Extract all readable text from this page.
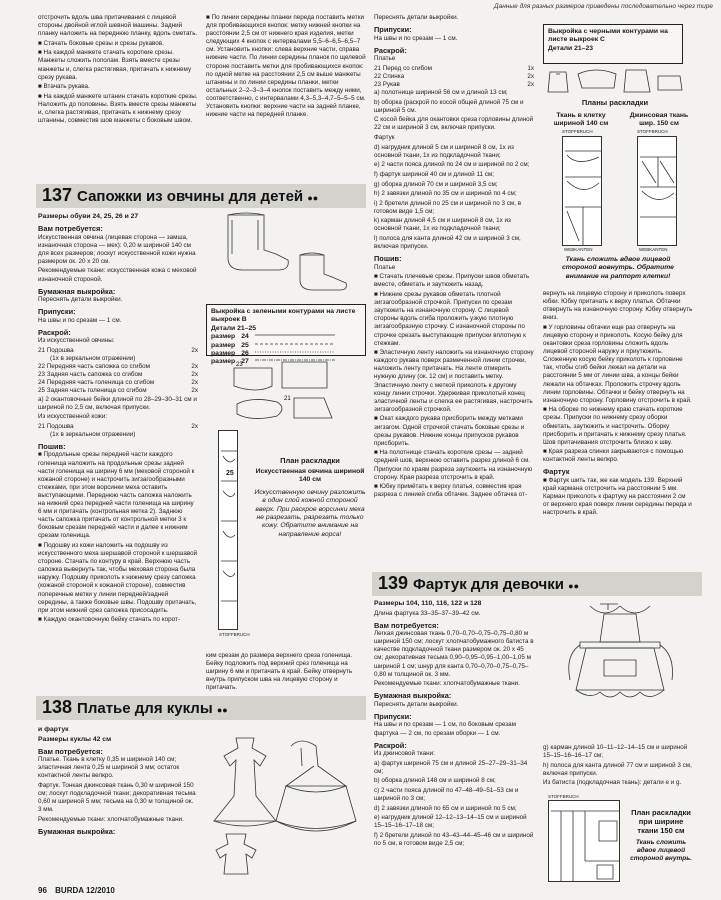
Данные для разных размеров приведены последовательно через тире

отстрочить вдоль шва притачивания с лицевой стороны двойной иглой шевной машины. Задний планку наложить на переднюю планку, вдоль сметать.

■ Стачать боковые срезы и срезы рукавов.

■ На каждой манжете стачать короткие срезы. Манжеты сложить пополам. Взять вместе срезы манжеты и, слегка растягивая, притачать к нижнему срезу рукава.

■ Втачать рукава.

■ На каждой манжете штанин стачать короткие срезы. Наложить до половины. Взять вместе срезы манжеты и, слегка растягивая, притачать к нижнему срезу штанины, совместив шов манжеты с боковым швом.

■ По линии середины планки переда поставить метки для пробивающихся кнопок: метку нижней кнопки на расстоянии 2,5 см от нижнего края изделия, метки следующих 4 кнопок с интервалами 5,5–6–6,5–6,5–7 см. Установить кнопки: слева верхние части, справа нижние части. По линии середины планок по щелевой стороне поставить метки для пробивающихся кнопок: по одной метке на расстоянии 2,5 см выше манжеты штанины и по линии середины планки, метки остальных 2–2–3–3–4 кнопок поставить между ними, соответственно, с интервалами 4,3–5,3–4,7–5–5–5 см. Установить кнопки: верхние части на задней планке, нижние части на передней планке.

137 Сапожки из овчины для детей ●●

Размеры обуви 24, 25, 26 и 27

Вам потребуется:

Искусственная овчина (лицевая сторона — замша, изнаночная сторона — мех): 0,20 м шириной 140 см для всех размеров; лоскут искусственной кожи нужна размером ок. 20 x 20 см.

Рекомендуемые ткани: искусственная кожа с меховой изнаночной стороной.

Бумажная выкройка:

Переснять детали выкройки.

Припуски:

На швы и по срезам — 1 см.

Раскрой:

Из искусственной овчины:

21 Подошва	2x
(1x в зеркальном отражении)
22 Передняя часть сапожка со сгибом	2x
23 Задняя часть сапожка со сгибом	2x
24 Передняя часть голенища со сгибом	2x
25 Задняя часть голенища со сгибом	2x

а) 2 окантовочные бейки длиной по 28–29–30–31 см и шириной по 2,5 см, включая припуски.

Из искусственной кожи:

21 Подошва	2x
(1x в зеркальном отражении)
Пошив:

■ Продольные срезы передней части каждого голенища наложить на продольные срезы задней части голенища на ширину 6 мм (меховой стороной к кожаной стороне) и настрочить зигзагообразными стежками, при этом ворсинки меха оставить выступающими. Переднюю часть сапожка наложить на нижний срез передней части голенища на ширину 6 мм и притачать (контрольная метка 2). Заднюю часть сапожка притачать от контрольной метки 3 к боковым срезам передней части и далее к нижним срезам голенища.

■ Подошву из кожи наложить на подошву из искусственного меха шершавой стороной к шершавой стороне. Стачать по контуру в край. Верхнюю часть сапожка вывернуть так, чтобы меховая сторона была наружу. Подошву приколоть к нижнему срезу сапожка (кожаной стороной к кожаной стороне), совместив поперечные метки у линии передней/задней середины, а также боковые швы. Подошву притачать, при этом нижний срез сапожка присосадить.

■ Каждую окантовочную бейку стачать по корот-

Выкройка с зелеными контурами на листе выкроек В
Детали 21–25
размер 24
размер 25
размер 26
размер 27
23
21
STOFFBRUCH
25
План раскладки

Искусственная овчина шириной 140 см

Искусственную овчину разложить в один слой кожной стороной вверх. При раскрое ворсинки меха не разрезать, разрезать только кожу. Обратите внимание на направление ворса!

ким срезам до размера верхнего среза голенища. Бейку подложить под верхний срез голенища на ширину 6 мм и притачать в край. Бейку отвернуть внутрь припуском шва на лицевую сторону и притачать.

138 Платье для куклы ●●

и фартук

Размеры куклы 42 см

Вам потребуется:

Платье. Ткань в клетку 0,35 м шириной 140 см; эластичная лента 0,25 м шириной 3 мм; остаток контактной ленты велкро.

Фартук. Тонкая джинсовая ткань 0,30 м шириной 150 см; лоскут подкладочной ткани; декоративная тесьма 0,60 м шириной 5 мм; тесьма на 0,30 м толщиной ок. 3 мм.

Рекомендуемые ткани: хлопчатобумажные ткани.

Бумажная выкройка:

Переснять детали выкройки.

Припуски:

На швы и по срезам — 1 см.

Раскрой:

Платье

21 Перед со сгибом	1x
22 Спинка	2x
23 Рукав	2x

а) полотнище шириной 56 см и длиной 13 см;

b) оборка (раскрой по косой общей длиной 75 см и шириной 5 см.

С косой бейка для окантовки среза горловины длиной 22 см и шириной 3 см, включая припуски.

Фартук

d) нагрудник длиной 5 см и шириной 8 см, 1х из основной ткани, 1х из подкладочной ткани;

е) 2 части пояса длиной по 24 см и шириной по 2 см;

f) фартук шириной 40 см и длиной 11 см;

g) оборка длиной 70 см и шириной 3,5 см;

h) 2 завязки длиной по 35 см и шириной по 4 см;

i) 2 бретели длиной по 25 см и шириной по 3 см, в готовом виде 1,5 см;

k) карман длиной 4,5 см и шириной 8 см, 1х из основной ткани, 1х из подкладочной ткани;

l) полоса для канта длиной 42 см и шириной 3 см, включая припуски.

Пошив:

Платье

■ Стачать плечевые срезы. Припуски швов обметать вместе, обметать и заутюжить назад.

■ Нижние срезы рукавов обметать плотной зигзагообразной строчкой. Припуски по срезам заутюжить на изнаночную сторону. С лицевой стороны вдоль сгиба проложить узкую плотную зигзагообразную строчку. С изнаночной стороны по строчке срезать выступающие припуски вплотную к стежкам.

■ Эластичную ленту наложить на изнаночную сторону каждого рукава поверх размеченной линии строчки, наложить ленту притачать. На ленте отмерить нужную длину (ок. 12 см) и поставить метку. Эластичную ленту с меткой приколоть к другому концу линии строчки. Удерживая приколотый конец эластичной ленты и слегка ее растягивая, настрочить зигзагообразной строчкой.

■ Окат каждого рукава присборить между метками зигзагом. Одной строчкой стачать боковые срезы и срезы рукавов. Нижние концы припусков рукавов присборить.

■ На полотнище стачать короткие срезы — задний средний шов, верхнюю оставить разрез длиной 6 см. Припуски по краям разреза заутюжить на изнаночную сторону. Края разреза отстрочить в край.

■ Юбку примётать к верху платья, совместив края разреза с линией сгиба обтачек. Заднее обтачка от-

Выкройка с черными контурами на листе выкроек С
Детали 21–23
Планы раскладки
Ткань в клетку шириной 140 см
Джинсовая ткань шир. 150 см
STOFFBRUCH	STOFFBRUCH
WEBKANTEN	WEBKANTEN
Ткань сложить вдвое лицевой стороной вовнутрь. Обратите внимание на раппорт клетки!

вернуть на лицевую сторону и приколоть поверх юбки. Юбку притачать к верху платья. Обтачки отвернуть на изнаночную сторону. Юбку отвернуть вниз.

■ У горловины обтачки еще раз отвернуть на лицевую сторону и приколоть. Косую бейку для окантовки среза горловины сложить вдоль лицевой стороной наружу и приутюжить. Сложенную косую бейку приколоть к горловине так, чтобы сгиб бейки лежал на детали на расстоянии 5 мм от линии шва, а концы бейки лежали на обтачках. Проложить строчку вдоль линии горловины. Обтачки и бейку отвернуть на изнаночную сторону. Горловину отстрочить в край.

■ На оборке по нижнему краю стачать короткие срезы. Припуски по нижнему срезу оборки обметать, заутюжить и настрочить. Оборку присборить и притачать к нижнему срезу платья. Шов притачивания отстрочить близко к шву.

■ Края разреза спинки закрываются с помощью контактной ленты велкро.

Фартук

■ Фартук шить так, же как модель 139. Верхний край кармана отстрочить на расстоянии 5 мм. Карман приколоть к фартуку на расстоянии 2 см от верхнего края поверх линии середины переда и настрочить в край.

139 Фартук для девочки ●●

Размеры 104, 110, 116, 122 и 128

Длина фартука 33–35–37–39–42 см.

Вам потребуется:

Легкая джинсовая ткань 0,70–0,70–0,75–0,75–0,80 м шириной 150 см; лоскут хлопчатобумажного батиста в качестве подкладочной ткани размером ок. 20 x 45 см; декоративная тесьма 0,90–0,95–0,95–1,00–1,05 м шириной 1 см; шнур для канта 0,70–0,70–0,75–0,75–0,80 м толщиной ок. 3 мм.

Рекомендуемые ткани: хлопчатобумажные ткани.

Бумажная выкройка:

Переснять детали выкройки.

Припуски:

На швы и по срезам — 1 см, по боковым срезам фартука — 2 см, по срезам оборки — 1 см.

Раскрой:

Из джинсовой ткани:

а) фартук шириной 75 см и длиной 25–27–29–31–34 см;

b) оборка длиной 148 см и шириной 8 см;

c) 2 части пояса длиной по 47–48–49–51–53 см и шириной по 3 см;

d) 2 завязки длиной по 65 см и шириной по 5 см;

е) нагрудник длиной 12–12–13–14–15 см и шириной 15–15–16–17–18 см;

f) 2 бретели длиной по 43–43–44–45–46 см и шириной по 5 см, в готовом виде 2,5 см;

g) карман длиной 10–11–12–14–15 см и шириной 15–15–16–16–17 см;

h) полоса для канта длиной 77 см и шириной 3 см, включая припуски.

Из батиста (подкладочная ткань): детали е и g.

STOFFBRUCH
План раскладки при ширине ткани 150 см

Ткань сложить вдвое лицевой стороной внутрь.

96 BURDA 12/2010
